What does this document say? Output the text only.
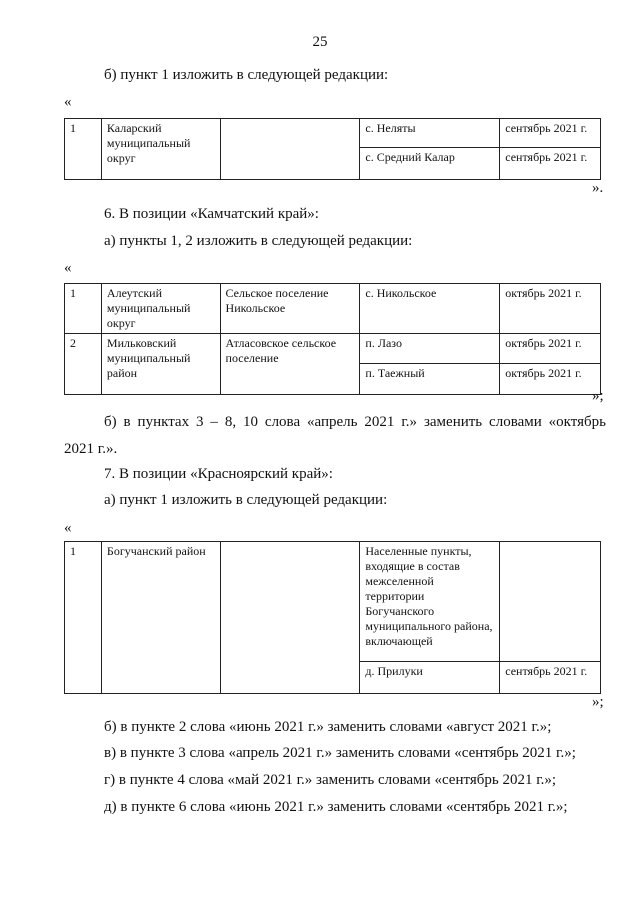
25
б) пункт 1 изложить в следующей редакции:
«
1	Каларский муниципальный округ		с. Неляты	сентябрь 2021 г.
			с. Средний Калар	сентябрь 2021 г.
».
6. В позиции «Камчатский край»:
а) пункты 1, 2 изложить в следующей редакции:
«
1	Алеутский муниципальный округ	Сельское поселение Никольское	с. Никольское	октябрь 2021 г.
2	Мильковский муниципальный район	Атласовское сельское поселение	п. Лазо	октябрь 2021 г.
			п. Таежный	октябрь 2021 г.
»;
б) в пунктах 3 – 8, 10 слова «апрель 2021 г.» заменить словами «октябрь
2021 г.».
7. В позиции «Красноярский край»:
а) пункт 1 изложить в следующей редакции:
«
1	Богучанский район		Населенные пункты, входящие в состав межселенной территории Богучанского муниципального района, включающей	
			д. Прилуки	сентябрь 2021 г.
»;
б) в пункте 2 слова «июнь 2021 г.» заменить словами «август 2021 г.»;
в) в пункте 3 слова «апрель 2021 г.» заменить словами «сентябрь 2021 г.»;
г) в пункте 4 слова «май 2021 г.» заменить словами «сентябрь 2021 г.»;
д) в пункте 6 слова «июнь 2021 г.» заменить словами «сентябрь 2021 г.»;
